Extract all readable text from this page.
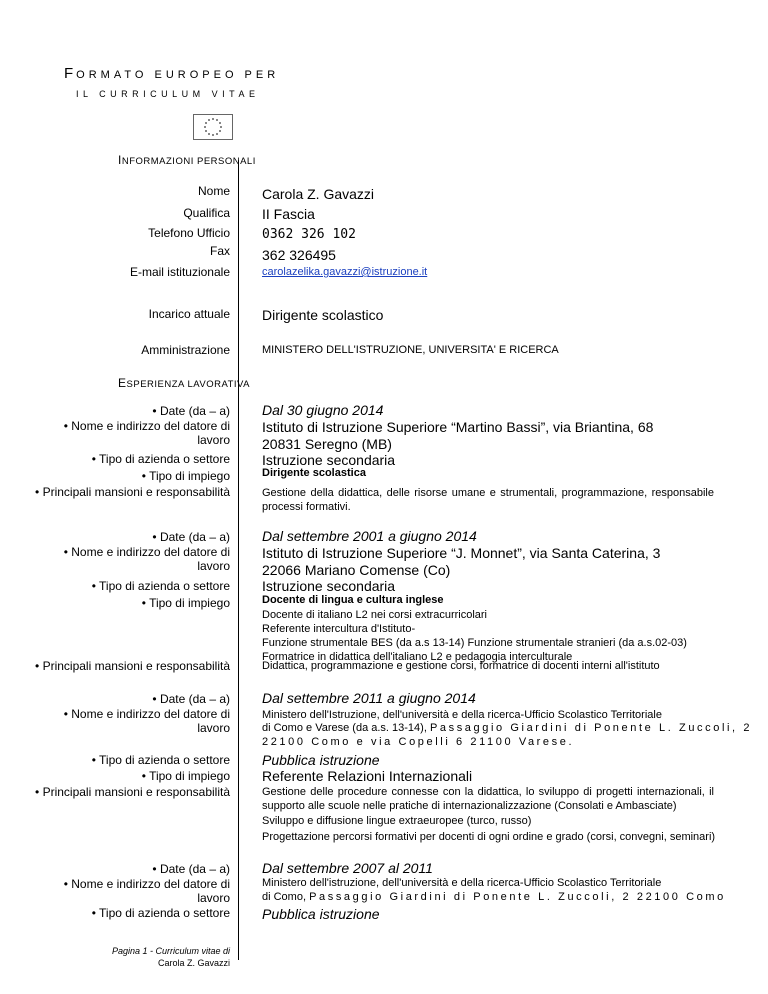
FORMATO EUROPEO PER
IL CURRICULUM VITAE
INFORMAZIONI PERSONALI
Nome Carola Z. Gavazzi
Qualifica II Fascia
Telefono Ufficio 0362 326 102
Fax 362 326495
E-mail istituzionale	carolazelika.gavazzi@istruzione.it
Incarico attuale Dirigente scolastico
Amministrazione	MINISTERO DELL'ISTRUZIONE, UNIVERSITA' E RICERCA
ESPERIENZA LAVORATIVA
• Date (da – a)
• Nome e indirizzo del datore di
lavoro
• Tipo di azienda o settore
• Tipo di impiego
• Principali mansioni e responsabilità
Dal 30 giugno 2014
Istituto di Istruzione Superiore “Martino Bassi”, via Briantina, 68
20831 Seregno (MB)
Istruzione secondaria
Dirigente scolastica
Gestione della didattica, delle risorse umane e strumentali, programmazione, responsabile processi formativi.
• Date (da – a)
• Nome e indirizzo del datore di
lavoro
• Tipo di azienda o settore
• Tipo di impiego
• Principali mansioni e responsabilità
Dal settembre 2001 a giugno 2014
Istituto di Istruzione Superiore “J. Monnet”, via Santa Caterina, 3
22066 Mariano Comense (Co)
Istruzione secondaria
Docente di lingua e cultura inglese
Docente di italiano L2 nei corsi extracurricolari
Referente intercultura d'Istituto-
Funzione strumentale BES (da a.s 13-14) Funzione strumentale stranieri (da a.s.02-03)
Formatrice in didattica dell'italiano L2 e pedagogia interculturale
Didattica, programmazione e gestione corsi, formatrice di docenti interni all'istituto
• Date (da – a)
• Nome e indirizzo del datore di
lavoro
• Tipo di azienda o settore
• Tipo di impiego
• Principali mansioni e responsabilità
Dal settembre 2011 a giugno 2014
Ministero dell'Istruzione, dell'università e della ricerca-Ufficio Scolastico Territoriale
di Como e Varese (da a.s. 13-14), Passaggio Giardini di Ponente L. Zuccoli, 2
22100 Como e via Copelli 6 21100 Varese.
Pubblica istruzione
Referente Relazioni Internazionali
Gestione delle procedure connesse con la didattica, lo sviluppo di progetti internazionali, il supporto alle scuole nelle pratiche di internazionalizzazione (Consolati e Ambasciate)
Sviluppo e diffusione lingue extraeuropee (turco, russo)
Progettazione percorsi formativi per docenti di ogni ordine e grado (corsi, convegni, seminari)
• Date (da – a)
• Nome e indirizzo del datore di
lavoro
• Tipo di azienda o settore
Dal settembre 2007 al 2011
Ministero dell'istruzione, dell'università e della ricerca-Ufficio Scolastico Territoriale
di Como, Passaggio Giardini di Ponente L. Zuccoli, 2 22100 Como
Pubblica istruzione
Pagina 1 - Curriculum vitae di
Carola Z. Gavazzi
